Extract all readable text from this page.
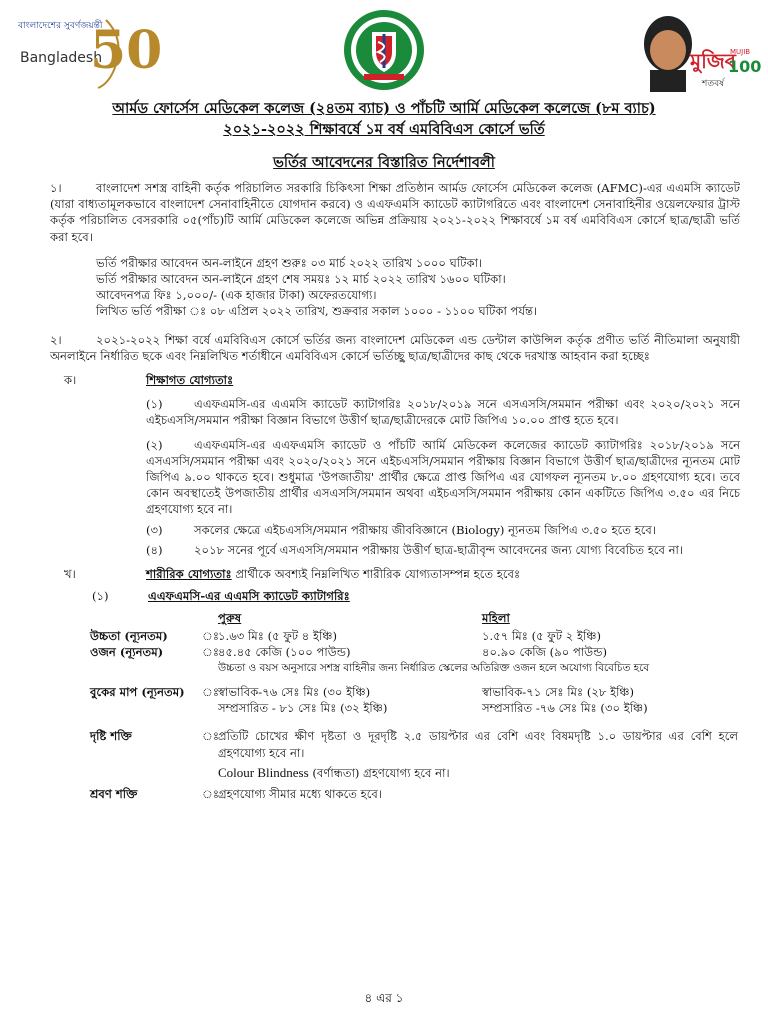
বাংলাদেশের সুবর্ণজয়ন্তী
Bangladesh
50	মুজিব
MUJIB
100
শতবর্ষ
আর্মড ফোর্সেস মেডিকেল কলেজ (২৪তম ব্যাচ) ও পাঁচটি আর্মি মেডিকেল কলেজে (৮ম ব্যাচ)
২০২১-২০২২ শিক্ষাবর্ষে ১ম বর্ষ এমবিবিএস কোর্সে ভর্তি
ভর্তির আবেদনের বিস্তারিত নির্দেশাবলী
১।	বাংলাদেশ সশস্ত্র বাহিনী কর্তৃক পরিচালিত সরকারি চিকিৎসা শিক্ষা প্রতিষ্ঠান আর্মড ফোর্সেস মেডিকেল কলেজ (AFMC)-এর এএমসি ক্যাডেট (যারা বাধ্যতামূলকভাবে বাংলাদেশ সেনাবাহিনীতে যোগদান করবে) ও এএফএমসি ক্যাডেট ক্যাটাগরিতে এবং বাংলাদেশ সেনাবাহিনীর ওয়েলফেয়ার ট্রাস্ট কর্তৃক পরিচালিত বেসরকারি ০৫(পাঁচ)টি আর্মি মেডিকেল কলেজে অভিন্ন প্রক্রিয়ায় ২০২১-২০২২ শিক্ষাবর্ষে ১ম বর্ষ এমবিবিএস কোর্সে ছাত্র/ছাত্রী ভর্তি করা হবে।
ভর্তি পরীক্ষার আবেদন অন-লাইনে গ্রহণ শুরুঃ ০৩ মার্চ ২০২২ তারিখ ১০০০ ঘটিকা।
ভর্তি পরীক্ষার আবেদন অন-লাইনে গ্রহণ শেষ সময়ঃ ১২ মার্চ ২০২২ তারিখ ১৬০০ ঘটিকা।
আবেদনপত্র ফিঃ ১,০০০/- (এক হাজার টাকা) অফেরতযোগ্য।
লিখিত ভর্তি পরীক্ষা ঃ ০৮ এপ্রিল ২০২২ তারিখ, শুক্রবার সকাল ১০০০ - ১১০০ ঘটিকা পর্যন্ত।
২।	২০২১-২০২২ শিক্ষা বর্ষে এমবিবিএস কোর্সে ভর্তির জন্য বাংলাদেশ মেডিকেল এন্ড ডেন্টাল কাউন্সিল কর্তৃক প্রণীত ভর্তি নীতিমালা অনুযায়ী অনলাইনে নির্ধারিত ছকে এবং নিম্নলিখিত শর্তাধীনে এমবিবিএস কোর্সে ভর্তিচ্ছু ছাত্র/ছাত্রীদের কাছ থেকে দরখাস্ত আহবান করা হচ্ছেঃ
ক।	শিক্ষাগত যোগ্যতাঃ
(১)	এএফএমসি-এর এএমসি ক্যাডেট ক্যাটাগরিঃ ২০১৮/২০১৯ সনে এসএসসি/সমমান পরীক্ষা এবং ২০২০/২০২১ সনে এইচএসসি/সমমান পরীক্ষা বিজ্ঞান বিভাগে উত্তীর্ণ ছাত্র/ছাত্রীদেরকে মোট জিপিএ ১০.০০ প্রাপ্ত হতে হবে।
(২)	এএফএমসি-এর এএফএমসি ক্যাডেট ও পাঁচটি আর্মি মেডিকেল কলেজের ক্যাডেট ক্যাটাগরিঃ ২০১৮/২০১৯ সনে এসএসসি/সমমান পরীক্ষা এবং ২০২০/২০২১ সনে এইচএসসি/সমমান পরীক্ষায় বিজ্ঞান বিভাগে উত্তীর্ণ ছাত্র/ছাত্রীদের ন্যূনতম মোট জিপিএ ৯.০০ থাকতে হবে। শুধুমাত্র 'উপজাতীয়' প্রার্থীর ক্ষেত্রে প্রাপ্ত জিপিএ এর যোগফল ন্যূনতম ৮.০০ গ্রহণযোগ্য হবে। তবে কোন অবস্থাতেই উপজাতীয় প্রার্থীর এসএসসি/সমমান অথবা এইচএসসি/সমমান পরীক্ষায় কোন একটিতে জিপিএ ৩.৫০ এর নিচে গ্রহণযোগ্য হবে না।
(৩)	সকলের ক্ষেত্রে এইচএসসি/সমমান পরীক্ষায় জীববিজ্ঞানে (Biology) ন্যূনতম জিপিএ ৩.৫০ হতে হবে।
(৪)	২০১৮ সনের পূর্বে এসএসসি/সমমান পরীক্ষায় উত্তীর্ণ ছাত্র-ছাত্রীবৃন্দ আবেদনের জন্য যোগ্য বিবেচিত হবে না।
খ।	শারীরিক যোগ্যতাঃ প্রার্থীকে অবশ্যই নিম্নলিখিত শারীরিক যোগ্যতাসম্পন্ন হতে হবেঃ
(১)	এএফএমসি-এর এএমসি ক্যাডেট ক্যাটাগরিঃ
পুরুষ	মহিলা
উচ্চতা (ন্যূনতম)	ঃ
১.৬৩ মিঃ (৫ ফুট ৪ ইঞ্চি)	১.৫৭ মিঃ (৫ ফুট ২ ইঞ্চি)
ওজন (ন্যূনতম)	ঃ
৪৫.৪৫ কেজি (১০০ পাউন্ড)	৪০.৯০ কেজি (৯০ পাউন্ড)
উচ্চতা ও বয়স অনুসারে সশস্ত্র বাহিনীর জন্য নির্ধারিত স্কেলের অতিরিক্ত ওজন হলে অযোগ্য বিবেচিত হবে
বুকের মাপ (ন্যূনতম) ঃ
স্বাভাবিক-৭৬ সেঃ মিঃ (৩০ ইঞ্চি)	স্বাভাবিক-৭১ সেঃ মিঃ (২৮ ইঞ্চি)
সম্প্রসারিত - ৮১ সেঃ মিঃ (৩২ ইঞ্চি)	সম্প্রসারিত -৭৬ সেঃ মিঃ (৩০ ইঞ্চি)
দৃষ্টি শক্তি	ঃ
প্রতিটি চোখের ক্ষীণ দৃষ্টতা ও দূরদৃষ্টি ২.৫ ডায়প্টার এর বেশি এবং বিষমদৃষ্টি ১.০ ডায়প্টার এর বেশি হলে গ্রহণযোগ্য হবে না।
Colour Blindness (বর্ণান্ধতা) গ্রহণযোগ্য হবে না।
শ্রবণ শক্তি	ঃ
গ্রহণযোগ্য সীমার মধ্যে থাকতে হবে।
৪ এর ১
